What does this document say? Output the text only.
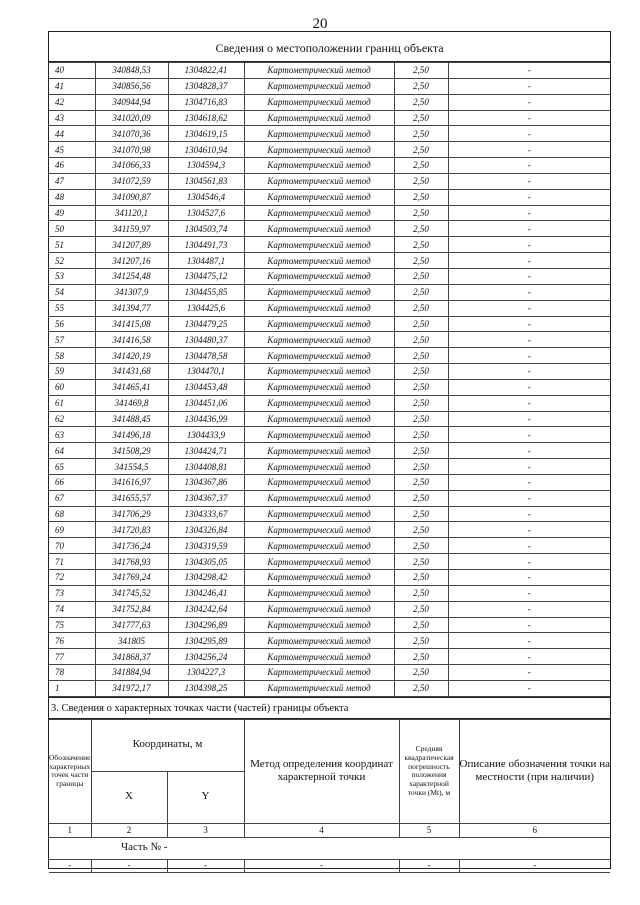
20
Сведения о местоположении границ объекта
40	340848,53	1304822,41	Картометрический метод	2,50	-
41	340856,56	1304828,37	Картометрический метод	2,50	-
42	340944,94	1304716,83	Картометрический метод	2,50	-
43	341020,09	1304618,62	Картометрический метод	2,50	-
44	341070,36	1304619,15	Картометрический метод	2,50	-
45	341070,98	1304610,94	Картометрический метод	2,50	-
46	341066,33	1304594,3	Картометрический метод	2,50	-
47	341072,59	1304561,83	Картометрический метод	2,50	-
48	341090,87	1304546,4	Картометрический метод	2,50	-
49	341120,1	1304527,6	Картометрический метод	2,50	-
50	341159,97	1304503,74	Картометрический метод	2,50	-
51	341207,89	1304491,73	Картометрический метод	2,50	-
52	341207,16	1304487,1	Картометрический метод	2,50	-
53	341254,48	1304475,12	Картометрический метод	2,50	-
54	341307,9	1304455,85	Картометрический метод	2,50	-
55	341394,77	1304425,6	Картометрический метод	2,50	-
56	341415,08	1304479,25	Картометрический метод	2,50	-
57	341416,58	1304480,37	Картометрический метод	2,50	-
58	341420,19	1304478,58	Картометрический метод	2,50	-
59	341431,68	1304470,1	Картометрический метод	2,50	-
60	341465,41	1304453,48	Картометрический метод	2,50	-
61	341469,8	1304451,06	Картометрический метод	2,50	-
62	341488,45	1304436,99	Картометрический метод	2,50	-
63	341496,18	1304433,9	Картометрический метод	2,50	-
64	341508,29	1304424,71	Картометрический метод	2,50	-
65	341554,5	1304408,81	Картометрический метод	2,50	-
66	341616,97	1304367,86	Картометрический метод	2,50	-
67	341655,57	1304367,37	Картометрический метод	2,50	-
68	341706,29	1304333,67	Картометрический метод	2,50	-
69	341720,83	1304326,84	Картометрический метод	2,50	-
70	341736,24	1304319,59	Картометрический метод	2,50	-
71	341768,93	1304305,05	Картометрический метод	2,50	-
72	341769,24	1304298,42	Картометрический метод	2,50	-
73	341745,52	1304246,41	Картометрический метод	2,50	-
74	341752,84	1304242,64	Картометрический метод	2,50	-
75	341777,63	1304296,89	Картометрический метод	2,50	-
76	341805	1304295,89	Картометрический метод	2,50	-
77	341868,37	1304256,24	Картометрический метод	2,50	-
78	341884,94	1304227,3	Картометрический метод	2,50	-
1	341972,17	1304398,25	Картометрический метод	2,50	-
3. Сведения о характерных точках части (частей) границы объекта
Обозначение характерных точек части границы	Координаты, м		Метод определения координат характерной точки	Средняя квадратическая погрешность положения характерной точки (Mt), м	Описание обозначения точки на местности (при наличии)
	X	Y			
1	2	3	4	5	6
Часть № -					
-	-	-	-	-	-
